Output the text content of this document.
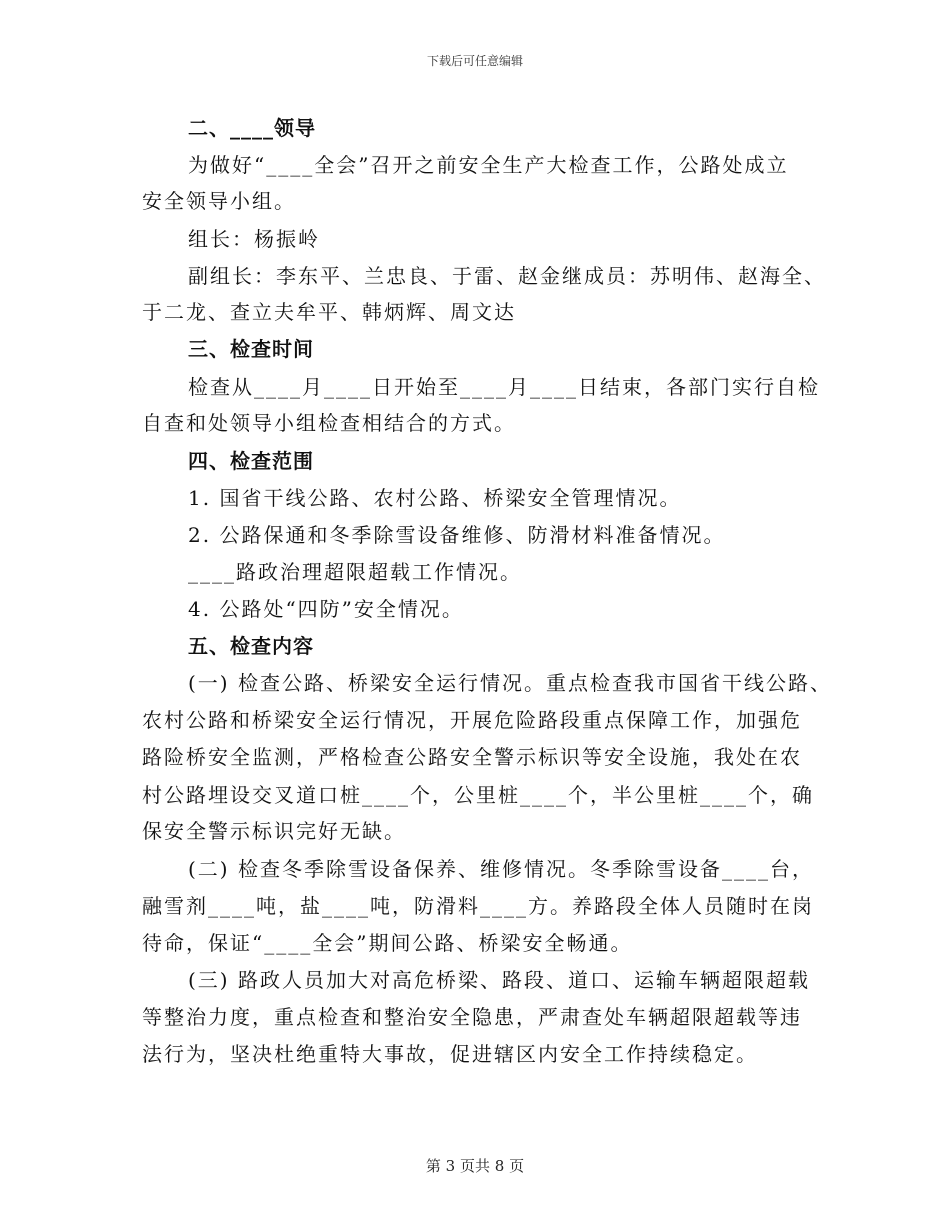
下载后可任意编辑
二、____领导
为做好“____全会”召开之前安全生产大检查工作，公路处成立
安全领导小组。
组长：杨振岭
副组长：李东平、兰忠良、于雷、赵金继成员：苏明伟、赵海全、
于二龙、查立夫牟平、韩炳辉、周文达
三、检查时间
检查从____月____日开始至____月____日结束，各部门实行自检
自查和处领导小组检查相结合的方式。
四、检查范围
1. 国省干线公路、农村公路、桥梁安全管理情况。
2. 公路保通和冬季除雪设备维修、防滑材料准备情况。
____路政治理超限超载工作情况。
4. 公路处“四防”安全情况。
五、检查内容
(一) 检查公路、桥梁安全运行情况。重点检查我市国省干线公路、
农村公路和桥梁安全运行情况，开展危险路段重点保障工作，加强危
路险桥安全监测，严格检查公路安全警示标识等安全设施，我处在农
村公路埋设交叉道口桩____个，公里桩____个，半公里桩____个，确
保安全警示标识完好无缺。
(二) 检查冬季除雪设备保养、维修情况。冬季除雪设备____台，
融雪剂____吨，盐____吨，防滑料____方。养路段全体人员随时在岗
待命，保证“____全会”期间公路、桥梁安全畅通。
(三) 路政人员加大对高危桥梁、路段、道口、运输车辆超限超载
等整治力度，重点检查和整治安全隐患，严肃查处车辆超限超载等违
法行为，坚决杜绝重特大事故，促进辖区内安全工作持续稳定。
第 3 页共 8 页
